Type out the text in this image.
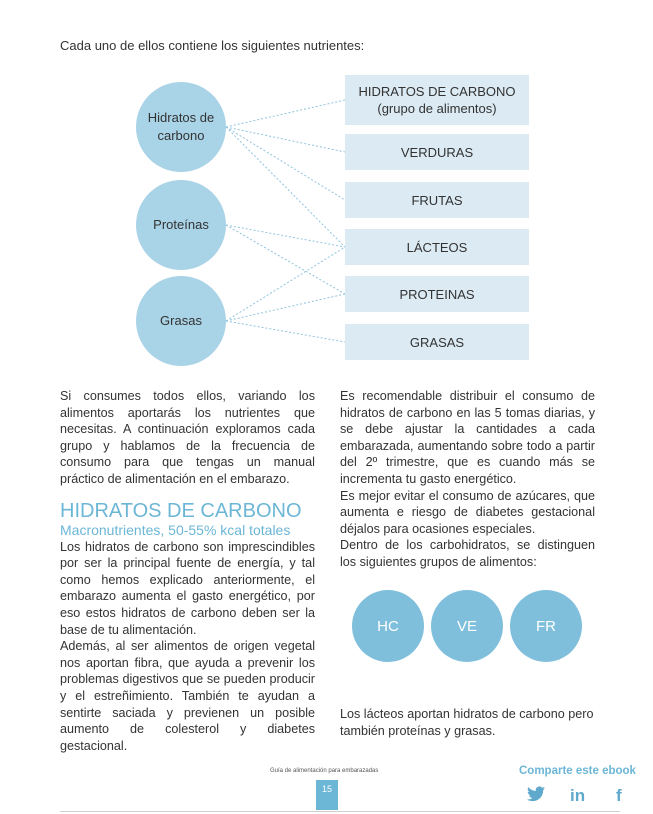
Cada uno de ellos contiene los siguientes nutrientes:
Hidratos de carbono
Proteínas
Grasas
HIDRATOS DE CARBONO
(grupo de alimentos)
VERDURAS
FRUTAS
LÁCTEOS
PROTEINAS
GRASAS

Si consumes todos ellos, variando los alimentos aportarás los nutrientes que necesitas. A continuación exploramos cada grupo y hablamos de la frecuencia de consumo para que tengas un manual práctico de alimentación en el embarazo.

HIDRATOS DE CARBONO
Macronutrientes, 50-55% kcal totales

Los hidratos de carbono son imprescindibles por ser la principal fuente de energía, y tal como hemos explicado anteriormente, el embarazo aumenta el gasto energético, por eso estos hidratos de carbono deben ser la base de tu alimentación.

Además, al ser alimentos de origen vegetal nos aportan fibra, que ayuda a prevenir los problemas digestivos que se pueden producir y el estreñimiento. También te ayudan a sentirte saciada y previenen un posible aumento de colesterol y diabetes gestacional.

Es recomendable distribuir el consumo de hidratos de carbono en las 5 tomas diarias, y se debe ajustar la cantidades a cada embarazada, aumentando sobre todo a partir del 2º trimestre, que es cuando más se incrementa tu gasto energético.

Es mejor evitar el consumo de azúcares, que aumenta e riesgo de diabetes gestacional déjalos para ocasiones especiales.

Dentro de los carbohidratos, se distinguen los siguientes grupos de alimentos:

HC	VE	FR
Los lácteos aportan hidratos de carbono pero también proteínas y grasas.
Guía de alimentación para embarazadas
15
Comparte este ebook
in f
